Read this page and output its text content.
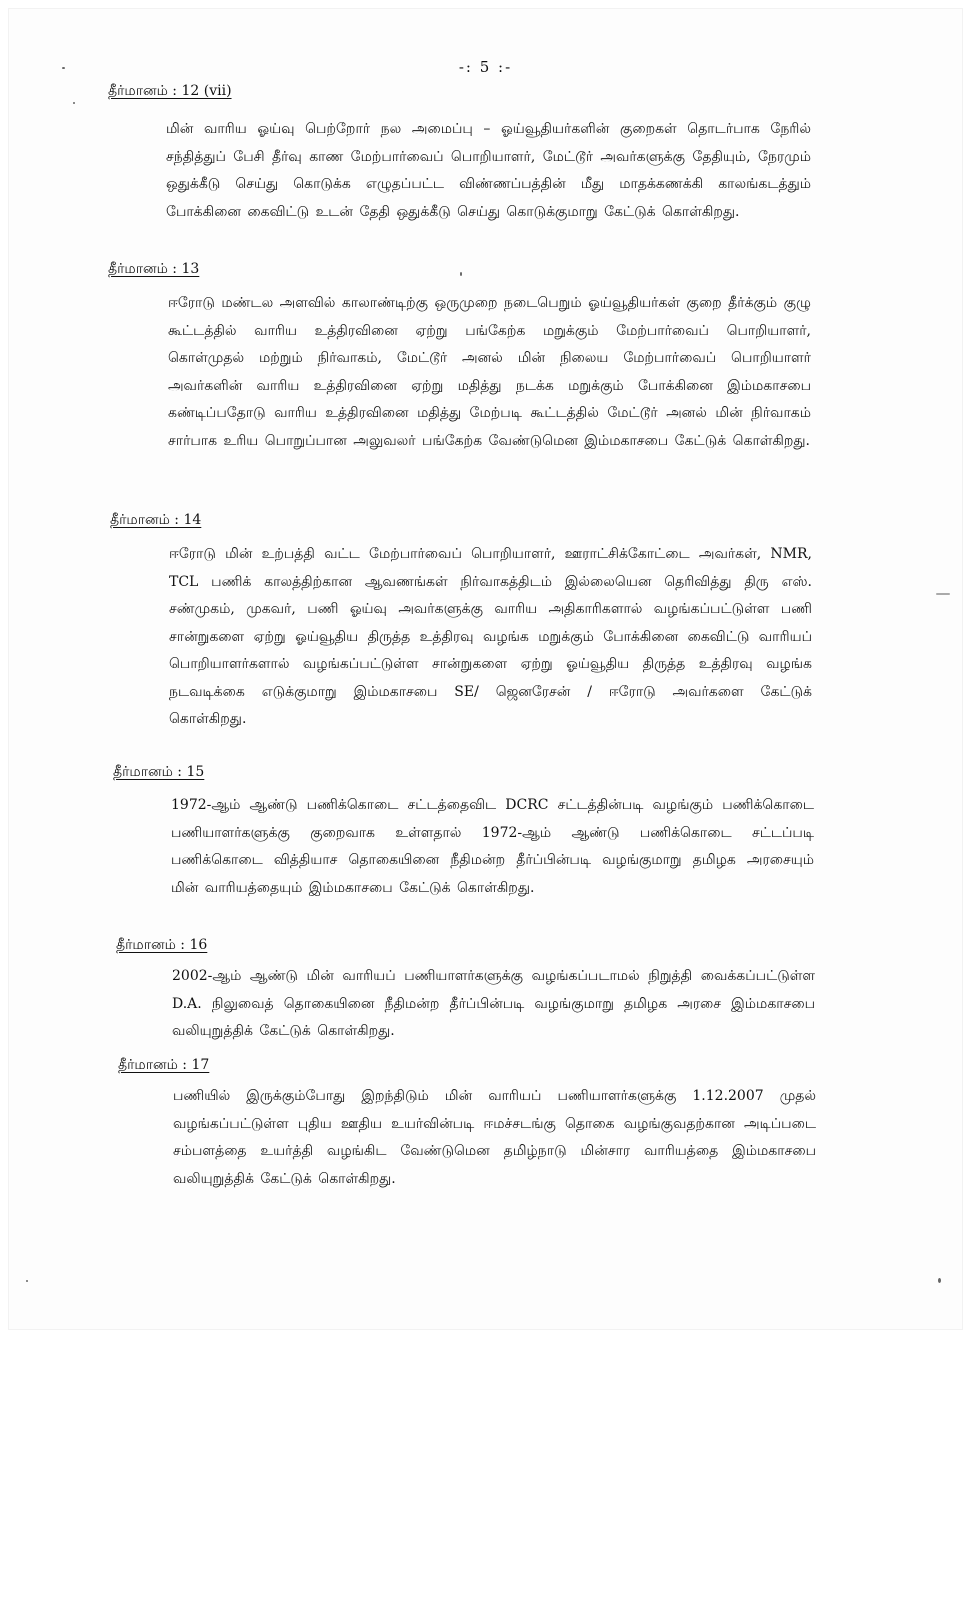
-: 5 :-
தீர்மானம் : 12 (vii)
மின் வாரிய ஓய்வு பெற்றோர் நல அமைப்பு – ஓய்வூதியர்களின் குறைகள் தொடர்பாக நேரில் சந்தித்துப் பேசி தீர்வு காண மேற்பார்வைப் பொறியாளர், மேட்டூர் அவர்களுக்கு தேதியும், நேரமும் ஒதுக்கீடு செய்து கொடுக்க எழுதப்பட்ட விண்ணப்பத்தின் மீது மாதக்கணக்கி காலங்கடத்தும் போக்கினை கைவிட்டு உடன் தேதி ஒதுக்கீடு செய்து கொடுக்குமாறு கேட்டுக் கொள்கிறது.
தீர்மானம் : 13
ஈரோடு மண்டல அளவில் காலாண்டிற்கு ஒருமுறை நடைபெறும் ஓய்வூதியர்கள் குறை தீர்க்கும் குழு கூட்டத்தில் வாரிய உத்திரவினை ஏற்று பங்கேற்க மறுக்கும் மேற்பார்வைப் பொறியாளர், கொள்முதல் மற்றும் நிர்வாகம், மேட்டூர் அனல் மின் நிலைய மேற்பார்வைப் பொறியாளர் அவர்களின் வாரிய உத்திரவினை ஏற்று மதித்து நடக்க மறுக்கும் போக்கினை இம்மகாசபை கண்டிப்பதோடு வாரிய உத்திரவினை மதித்து மேற்படி கூட்டத்தில் மேட்டூர் அனல் மின் நிர்வாகம் சார்பாக உரிய பொறுப்பான அலுவலர் பங்கேற்க வேண்டுமென இம்மகாசபை கேட்டுக் கொள்கிறது.
தீர்மானம் : 14
ஈரோடு மின் உற்பத்தி வட்ட மேற்பார்வைப் பொறியாளர், ஊராட்சிக்கோட்டை அவர்கள், NMR, TCL பணிக் காலத்திற்கான ஆவணங்கள் நிர்வாகத்திடம் இல்லையென தெரிவித்து திரு எஸ். சண்முகம், முகவர், பணி ஓய்வு அவர்களுக்கு வாரிய அதிகாரிகளால் வழங்கப்பட்டுள்ள பணி சான்றுகளை ஏற்று ஓய்வூதிய திருத்த உத்திரவு வழங்க மறுக்கும் போக்கினை கைவிட்டு வாரியப் பொறியாளர்களால் வழங்கப்பட்டுள்ள சான்றுகளை ஏற்று ஓய்வூதிய திருத்த உத்திரவு வழங்க நடவடிக்கை எடுக்குமாறு இம்மகாசபை SE/ ஜெனரேசன் / ஈரோடு அவர்களை கேட்டுக் கொள்கிறது.
தீர்மானம் : 15
1972-ஆம் ஆண்டு பணிக்கொடை சட்டத்தைவிட DCRC சட்டத்தின்படி வழங்கும் பணிக்கொடை பணியாளர்களுக்கு குறைவாக உள்ளதால் 1972-ஆம் ஆண்டு பணிக்கொடை சட்டப்படி பணிக்கொடை வித்தியாச தொகையினை நீதிமன்ற தீர்ப்பின்படி வழங்குமாறு தமிழக அரசையும் மின் வாரியத்தையும் இம்மகாசபை கேட்டுக் கொள்கிறது.
தீர்மானம் : 16
2002-ஆம் ஆண்டு மின் வாரியப் பணியாளர்களுக்கு வழங்கப்படாமல் நிறுத்தி வைக்கப்பட்டுள்ள D.A. நிலுவைத் தொகையினை நீதிமன்ற தீர்ப்பின்படி வழங்குமாறு தமிழக அரசை இம்மகாசபை வலியுறுத்திக் கேட்டுக் கொள்கிறது.
தீர்மானம் : 17
பணியில் இருக்கும்போது இறந்திடும் மின் வாரியப் பணியாளர்களுக்கு 1.12.2007 முதல் வழங்கப்பட்டுள்ள புதிய ஊதிய உயர்வின்படி ஈமச்சடங்கு தொகை வழங்குவதற்கான அடிப்படை சம்பளத்தை உயர்த்தி வழங்கிட வேண்டுமென தமிழ்நாடு மின்சார வாரியத்தை இம்மகாசபை வலியுறுத்திக் கேட்டுக் கொள்கிறது.
